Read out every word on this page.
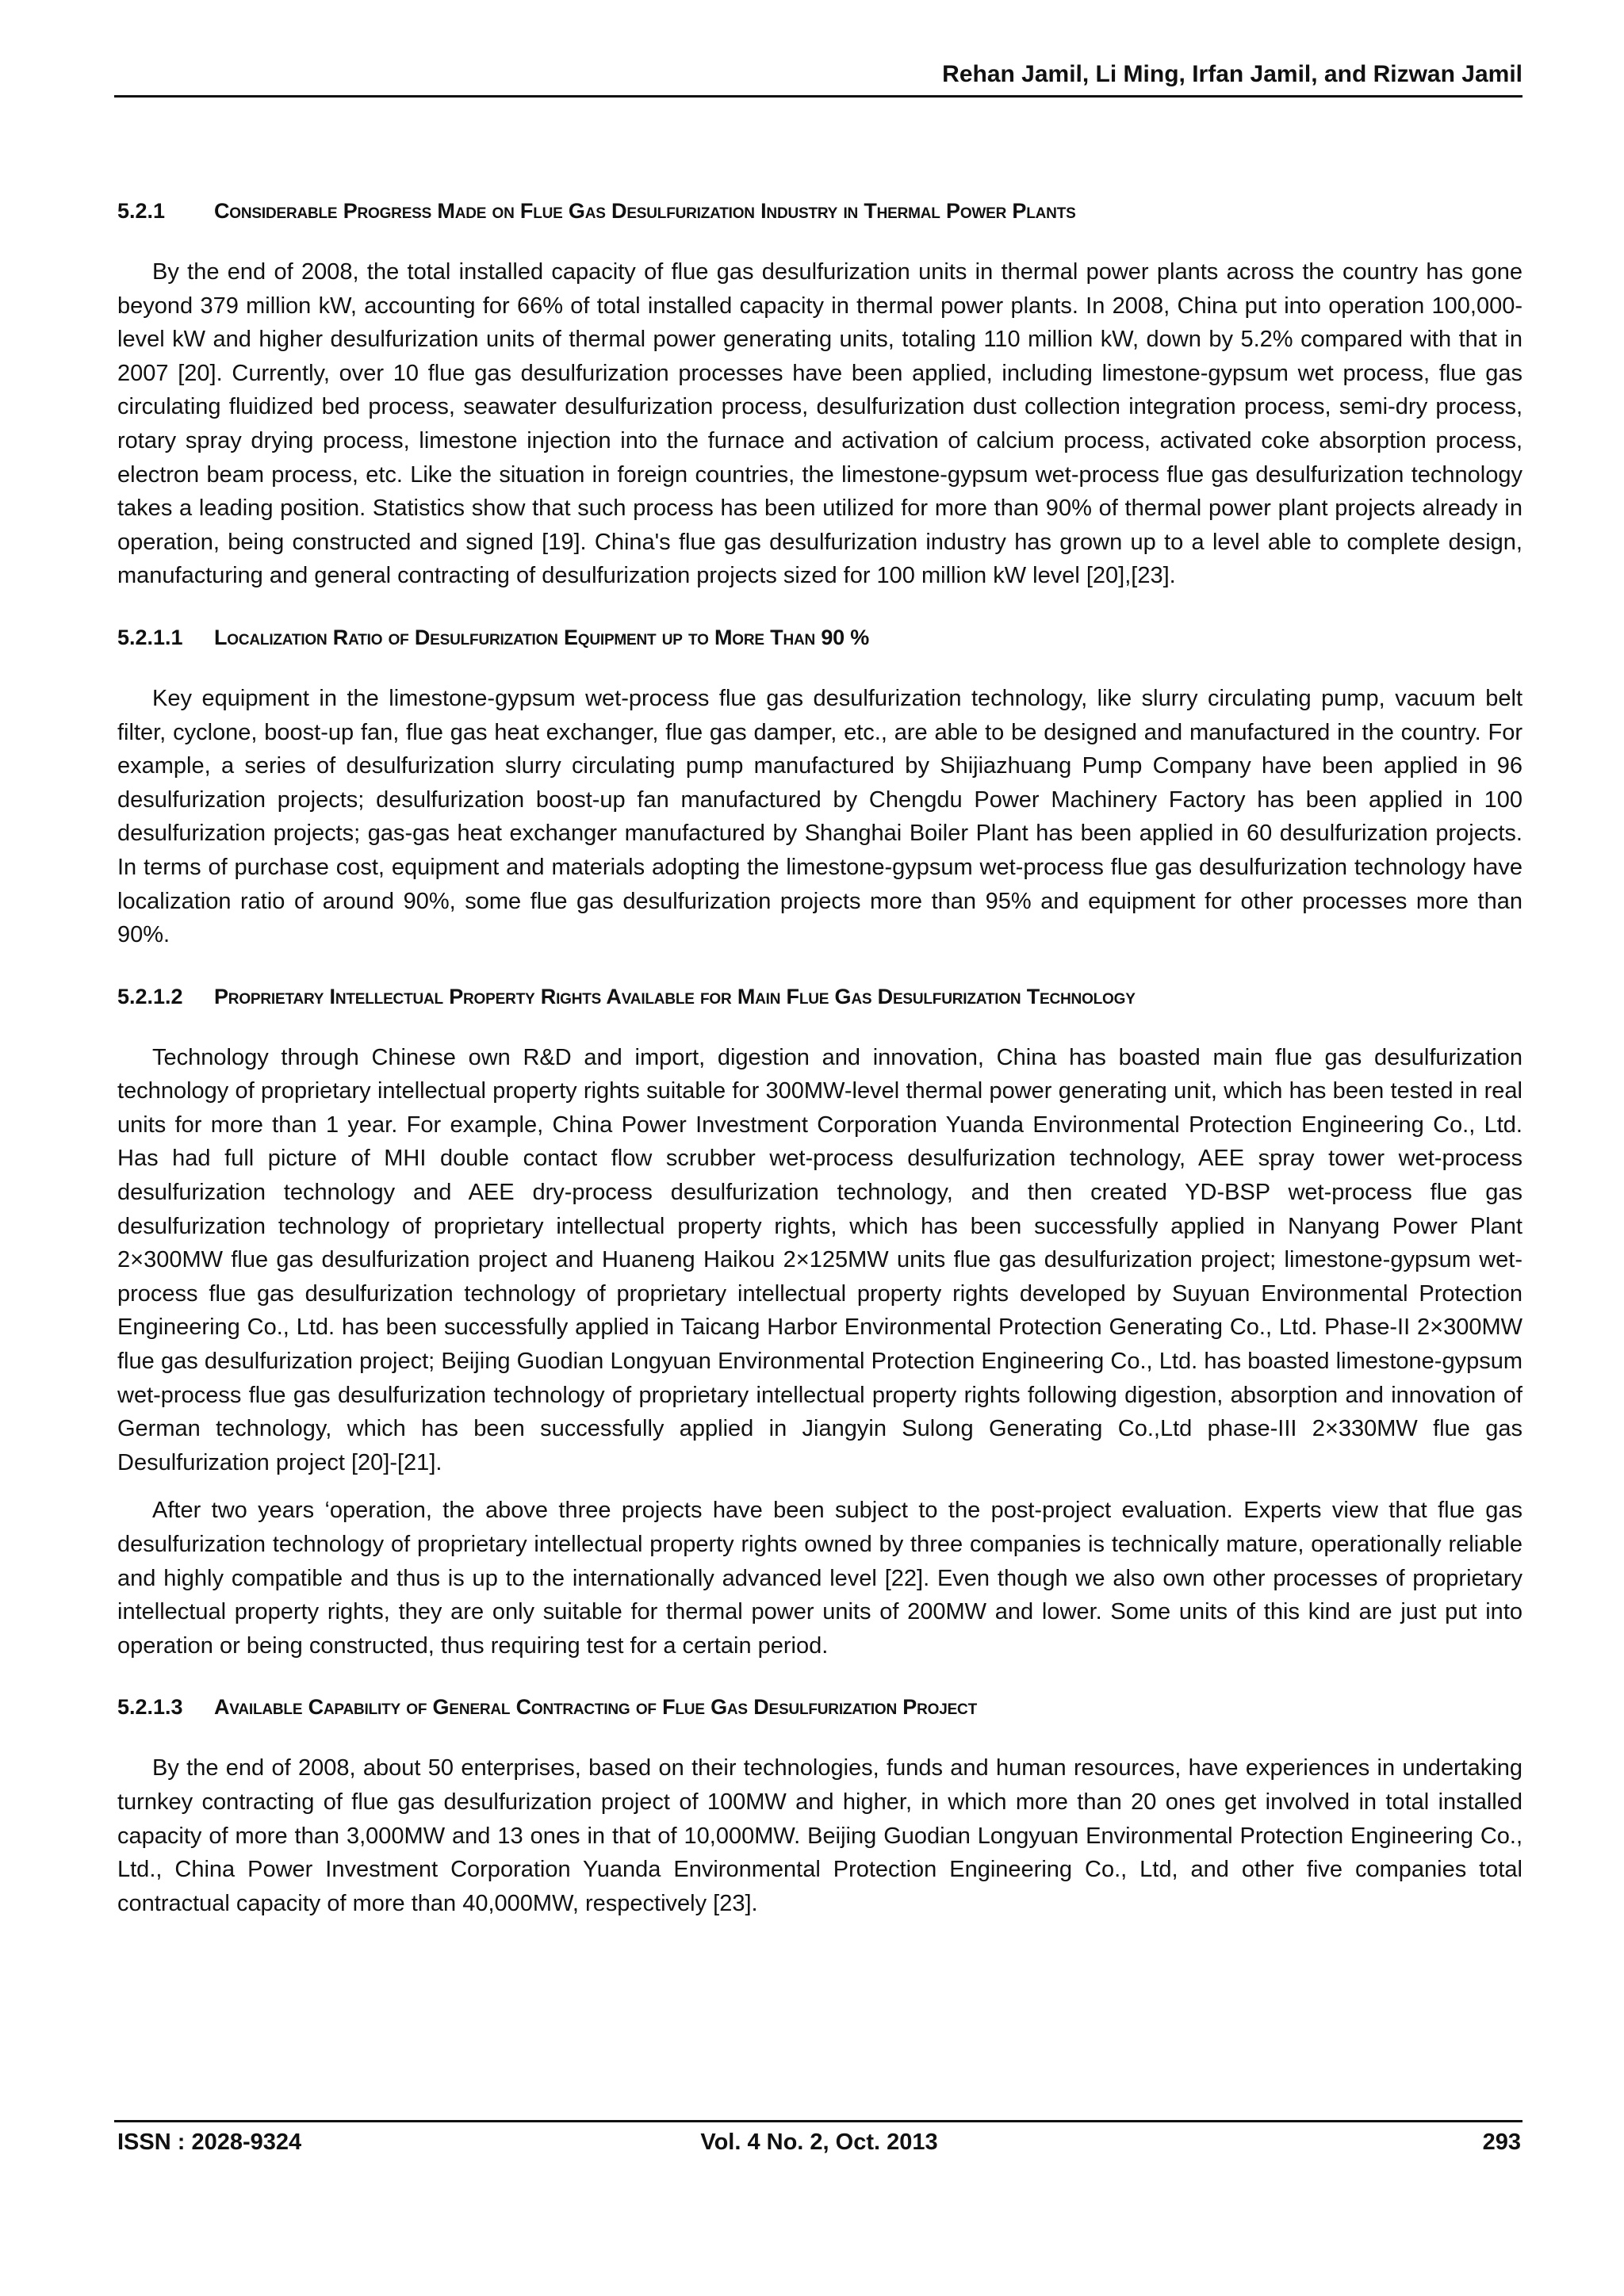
Rehan Jamil, Li Ming, Irfan Jamil, and Rizwan Jamil
5.2.1 Considerable Progress Made on Flue Gas Desulfurization Industry in Thermal Power Plants

By the end of 2008, the total installed capacity of flue gas desulfurization units in thermal power plants across the country has gone beyond 379 million kW, accounting for 66% of total installed capacity in thermal power plants. In 2008, China put into operation 100,000-level kW and higher desulfurization units of thermal power generating units, totaling 110 million kW, down by 5.2% compared with that in 2007 [20]. Currently, over 10 flue gas desulfurization processes have been applied, including limestone-gypsum wet process, flue gas circulating fluidized bed process, seawater desulfurization process, desulfurization dust collection integration process, semi-dry process, rotary spray drying process, limestone injection into the furnace and activation of calcium process, activated coke absorption process, electron beam process, etc. Like the situation in foreign countries, the limestone-gypsum wet-process flue gas desulfurization technology takes a leading position. Statistics show that such process has been utilized for more than 90% of thermal power plant projects already in operation, being constructed and signed [19]. China's flue gas desulfurization industry has grown up to a level able to complete design, manufacturing and general contracting of desulfurization projects sized for 100 million kW level [20],[23].

5.2.1.1 Localization Ratio of Desulfurization Equipment up to More Than 90 %

Key equipment in the limestone-gypsum wet-process flue gas desulfurization technology, like slurry circulating pump, vacuum belt filter, cyclone, boost-up fan, flue gas heat exchanger, flue gas damper, etc., are able to be designed and manufactured in the country. For example, a series of desulfurization slurry circulating pump manufactured by Shijiazhuang Pump Company have been applied in 96 desulfurization projects; desulfurization boost-up fan manufactured by Chengdu Power Machinery Factory has been applied in 100 desulfurization projects; gas-gas heat exchanger manufactured by Shanghai Boiler Plant has been applied in 60 desulfurization projects. In terms of purchase cost, equipment and materials adopting the limestone-gypsum wet-process flue gas desulfurization technology have localization ratio of around 90%, some flue gas desulfurization projects more than 95% and equipment for other processes more than 90%.

5.2.1.2 Proprietary Intellectual Property Rights Available for Main Flue Gas Desulfurization Technology

Technology through Chinese own R&D and import, digestion and innovation, China has boasted main flue gas desulfurization technology of proprietary intellectual property rights suitable for 300MW-level thermal power generating unit, which has been tested in real units for more than 1 year. For example, China Power Investment Corporation Yuanda Environmental Protection Engineering Co., Ltd. Has had full picture of MHI double contact flow scrubber wet-process desulfurization technology, AEE spray tower wet-process desulfurization technology and AEE dry-process desulfurization technology, and then created YD-BSP wet-process flue gas desulfurization technology of proprietary intellectual property rights, which has been successfully applied in Nanyang Power Plant 2×300MW flue gas desulfurization project and Huaneng Haikou 2×125MW units flue gas desulfurization project; limestone-gypsum wet-process flue gas desulfurization technology of proprietary intellectual property rights developed by Suyuan Environmental Protection Engineering Co., Ltd. has been successfully applied in Taicang Harbor Environmental Protection Generating Co., Ltd. Phase-II 2×300MW flue gas desulfurization project; Beijing Guodian Longyuan Environmental Protection Engineering Co., Ltd. has boasted limestone-gypsum wet-process flue gas desulfurization technology of proprietary intellectual property rights following digestion, absorption and innovation of German technology, which has been successfully applied in Jiangyin Sulong Generating Co.,Ltd phase-III 2×330MW flue gas Desulfurization project [20]-[21].

After two years ‘operation, the above three projects have been subject to the post-project evaluation. Experts view that flue gas desulfurization technology of proprietary intellectual property rights owned by three companies is technically mature, operationally reliable and highly compatible and thus is up to the internationally advanced level [22]. Even though we also own other processes of proprietary intellectual property rights, they are only suitable for thermal power units of 200MW and lower. Some units of this kind are just put into operation or being constructed, thus requiring test for a certain period.

5.2.1.3 Available Capability of General Contracting of Flue Gas Desulfurization Project

By the end of 2008, about 50 enterprises, based on their technologies, funds and human resources, have experiences in undertaking turnkey contracting of flue gas desulfurization project of 100MW and higher, in which more than 20 ones get involved in total installed capacity of more than 3,000MW and 13 ones in that of 10,000MW. Beijing Guodian Longyuan Environmental Protection Engineering Co., Ltd., China Power Investment Corporation Yuanda Environmental Protection Engineering Co., Ltd, and other five companies total contractual capacity of more than 40,000MW, respectively [23].

ISSN : 2028-9324	Vol. 4 No. 2, Oct. 2013	293
